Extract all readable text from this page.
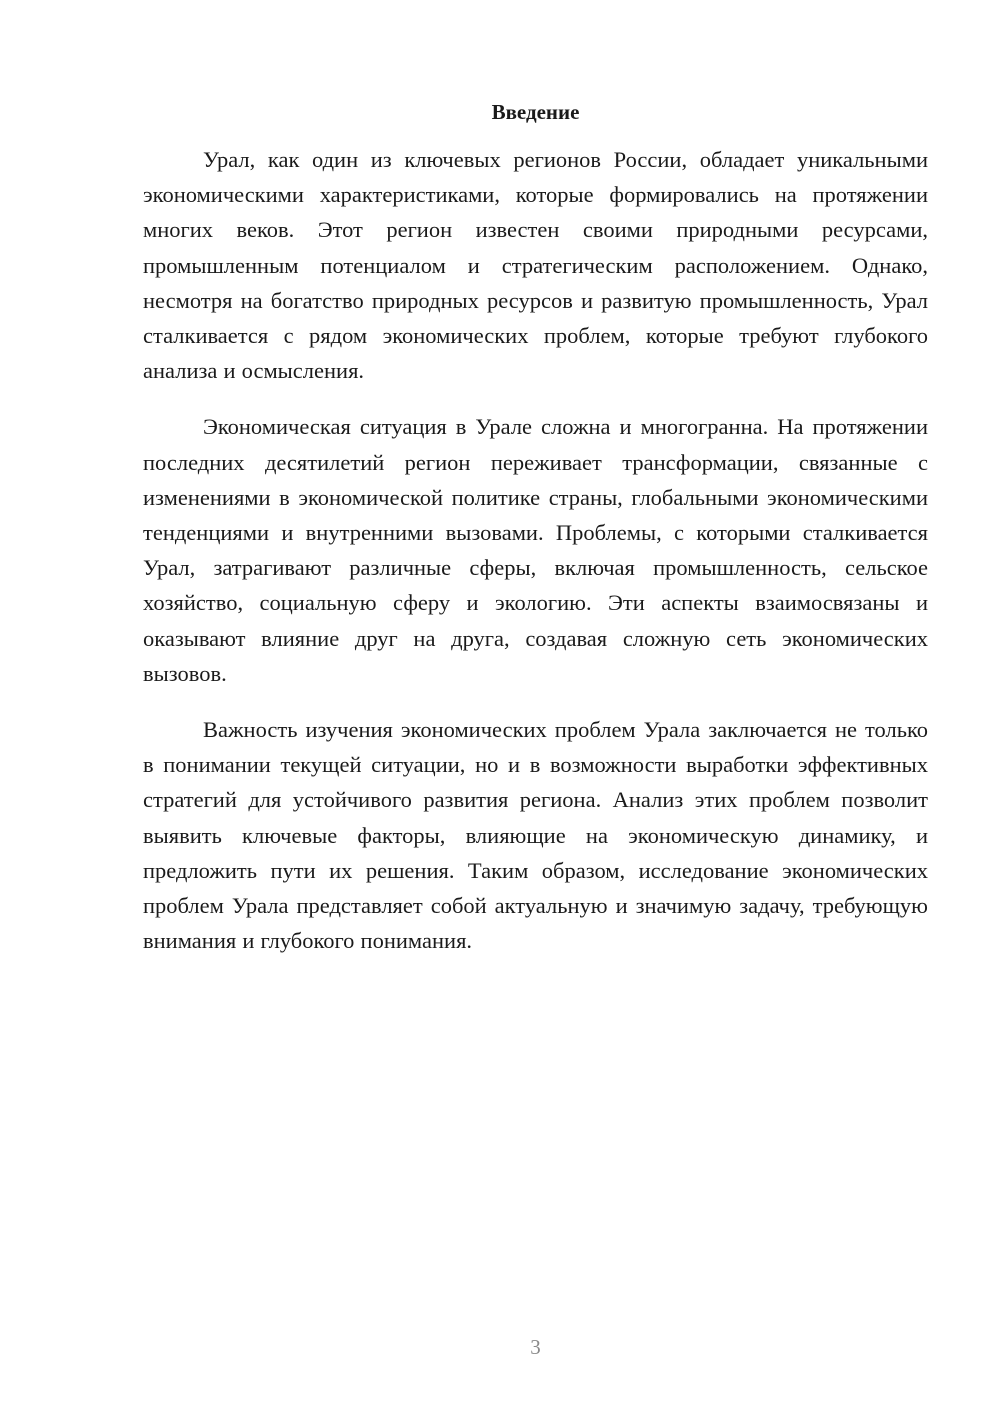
Введение

Урал, как один из ключевых регионов России, обладает уникальными экономическими характеристиками, которые формировались на протяжении многих веков. Этот регион известен своими природными ресурсами, промышленным потенциалом и стратегическим расположением. Однако, несмотря на богатство природных ресурсов и развитую промышленность, Урал сталкивается с рядом экономических проблем, которые требуют глубокого анализа и осмысления.

Экономическая ситуация в Урале сложна и многогранна. На протяжении последних десятилетий регион переживает трансформации, связанные с изменениями в экономической политике страны, глобальными экономическими тенденциями и внутренними вызовами. Проблемы, с которыми сталкивается Урал, затрагивают различные сферы, включая промышленность, сельское хозяйство, социальную сферу и экологию. Эти аспекты взаимосвязаны и оказывают влияние друг на друга, создавая сложную сеть экономических вызовов.

Важность изучения экономических проблем Урала заключается не только в понимании текущей ситуации, но и в возможности выработки эффективных стратегий для устойчивого развития региона. Анализ этих проблем позволит выявить ключевые факторы, влияющие на экономическую динамику, и предложить пути их решения. Таким образом, исследование экономических проблем Урала представляет собой актуальную и значимую задачу, требующую внимания и глубокого понимания.

3
